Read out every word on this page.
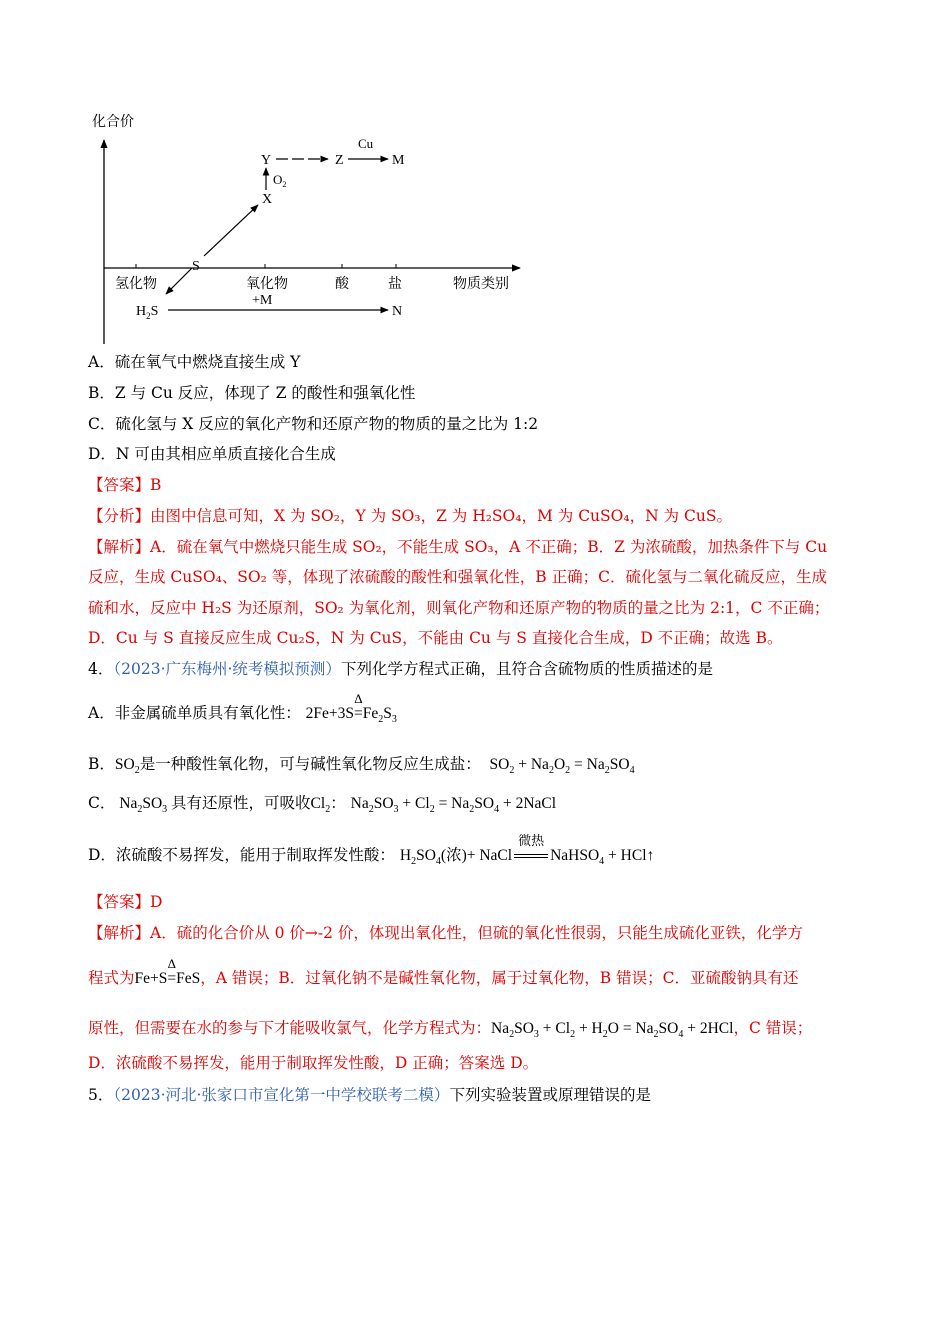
化合价
物质类别
氢化物	氧化物	酸	盐
+M
S
X
Y	Z	M
$H_2S$	N
$O_2$
Cu
A．硫在氧气中燃烧直接生成 Y
B．Z 与 Cu 反应，体现了 Z 的酸性和强氧化性
C．硫化氢与 X 反应的氧化产物和还原产物的物质的量之比为 1:2
D．N 可由其相应单质直接化合生成
【答案】B
【分析】由图中信息可知，X 为 SO₂，Y 为 SO₃，Z 为 H₂SO₄，M 为 CuSO₄，N 为 CuS。
【解析】A．硫在氧气中燃烧只能生成 SO₂，不能生成 SO₃，A 不正确；B．Z 为浓硫酸，加热条件下与 Cu
反应，生成 CuSO₄、SO₂ 等，体现了浓硫酸的酸性和强氧化性，B 正确；C．硫化氢与二氧化硫反应，生成
硫和水，反应中 H₂S 为还原剂，SO₂ 为氧化剂，则氧化产物和还原产物的物质的量之比为 2:1，C 不正确；
D．Cu 与 S 直接反应生成 Cu₂S，N 为 CuS，不能由 Cu 与 S 直接化合生成，D 不正确；故选 B。
4．（2023·广东梅州·统考模拟预测）下列化学方程式正确，且符合含硫物质的性质描述的是
A．非金属硫单质具有氧化性： 2Fe+3S
Δ
$=Fe_2S_3$
B．$SO_2$是一种酸性氧化物，可与碱性氧化物反应生成盐：  $SO_2 + Na_2O_2 = Na_2SO_4$
C． $Na_2SO_3$ 具有还原性，可吸收$Cl_2$： $Na_2SO_3 + Cl_2 = Na_2SO_4$ + 2NaCl
D．浓硫酸不易挥发，能用于制取挥发性酸： $H_2SO_4$(浓)+ NaCl
微热
NaHSO$_4$ + HCl↑
【答案】D
【解析】A．硫的化合价从 0 价→-2 价，体现出氧化性，但硫的氧化性很弱，只能生成硫化亚铁，化学方
程式为Fe+S
Δ
=FeS，A 错误；B．过氧化钠不是碱性氧化物，属于过氧化物，B 错误；C．亚硫酸钠具有还
原性，但需要在水的参与下才能吸收氯气，化学方程式为：$Na_2SO_3 + Cl_2 + H_2O = Na_2SO_4 + 2HCl$，C 错误；
D．浓硫酸不易挥发，能用于制取挥发性酸，D 正确；答案选 D。
5．（2023·河北·张家口市宣化第一中学校联考二模）下列实验装置或原理错误的是
